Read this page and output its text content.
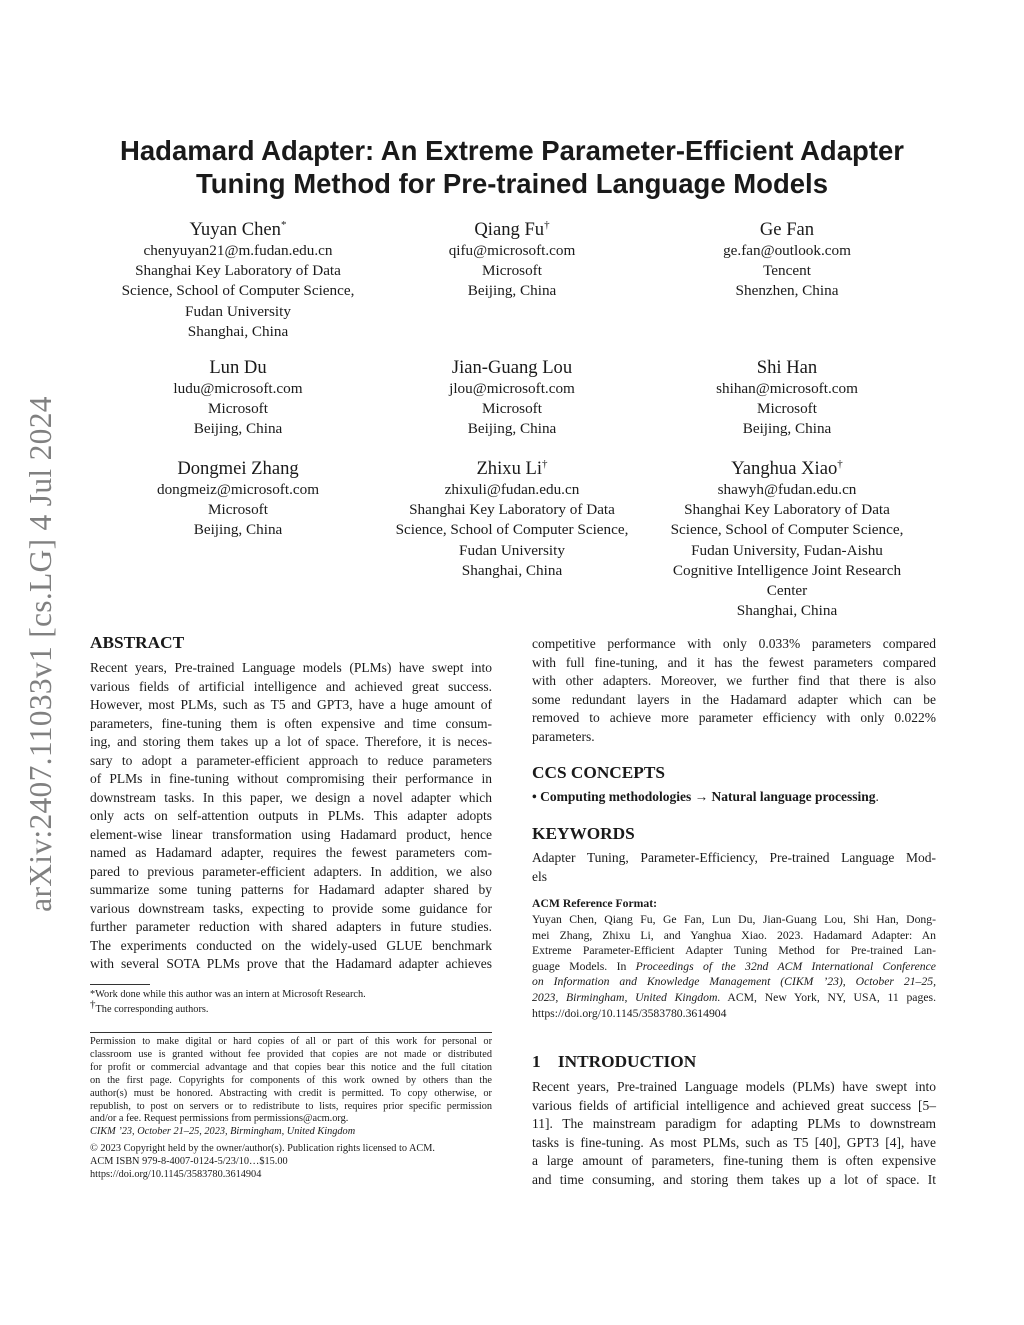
arXiv:2407.11033v1 [cs.LG] 4 Jul 2024
Hadamard Adapter: An Extreme Parameter-Efficient Adapter
Tuning Method for Pre-trained Language Models
Yuyan Chen*
chenyuyan21@m.fudan.edu.cn
Shanghai Key Laboratory of Data
Science, School of Computer Science,
Fudan University
Shanghai, China
Qiang Fu†
qifu@microsoft.com
Microsoft
Beijing, China
Ge Fan
ge.fan@outlook.com
Tencent
Shenzhen, China
Lun Du
ludu@microsoft.com
Microsoft
Beijing, China
Jian-Guang Lou
jlou@microsoft.com
Microsoft
Beijing, China
Shi Han
shihan@microsoft.com
Microsoft
Beijing, China
Dongmei Zhang
dongmeiz@microsoft.com
Microsoft
Beijing, China
Zhixu Li†
zhixuli@fudan.edu.cn
Shanghai Key Laboratory of Data
Science, School of Computer Science,
Fudan University
Shanghai, China
Yanghua Xiao†
shawyh@fudan.edu.cn
Shanghai Key Laboratory of Data
Science, School of Computer Science,
Fudan University, Fudan-Aishu
Cognitive Intelligence Joint Research
Center
Shanghai, China
ABSTRACT
Recent years, Pre-trained Language models (PLMs) have swept into
various fields of artificial intelligence and achieved great success.
However, most PLMs, such as T5 and GPT3, have a huge amount of
parameters, fine-tuning them is often expensive and time consum-
ing, and storing them takes up a lot of space. Therefore, it is neces-
sary to adopt a parameter-efficient approach to reduce parameters
of PLMs in fine-tuning without compromising their performance in
downstream tasks. In this paper, we design a novel adapter which
only acts on self-attention outputs in PLMs. This adapter adopts
element-wise linear transformation using Hadamard product, hence
named as Hadamard adapter, requires the fewest parameters com-
pared to previous parameter-efficient adapters. In addition, we also
summarize some tuning patterns for Hadamard adapter shared by
various downstream tasks, expecting to provide some guidance for
further parameter reduction with shared adapters in future studies.
The experiments conducted on the widely-used GLUE benchmark
with several SOTA PLMs prove that the Hadamard adapter achieves
*Work done while this author was an intern at Microsoft Research.
†The corresponding authors.
Permission to make digital or hard copies of all or part of this work for personal or
classroom use is granted without fee provided that copies are not made or distributed
for profit or commercial advantage and that copies bear this notice and the full citation
on the first page. Copyrights for components of this work owned by others than the
author(s) must be honored. Abstracting with credit is permitted. To copy otherwise, or
republish, to post on servers or to redistribute to lists, requires prior specific permission
and/or a fee. Request permissions from permissions@acm.org.
CIKM ’23, October 21–25, 2023, Birmingham, United Kingdom
© 2023 Copyright held by the owner/author(s). Publication rights licensed to ACM.
ACM ISBN 979-8-4007-0124-5/23/10…$15.00
https://doi.org/10.1145/3583780.3614904
competitive performance with only 0.033% parameters compared
with full fine-tuning, and it has the fewest parameters compared
with other adapters. Moreover, we further find that there is also
some redundant layers in the Hadamard adapter which can be
removed to achieve more parameter efficiency with only 0.022%
parameters.
CCS CONCEPTS
• Computing methodologies → Natural language processing.
KEYWORDS
Adapter Tuning, Parameter-Efficiency, Pre-trained Language Mod-
els
ACM Reference Format:
Yuyan Chen, Qiang Fu, Ge Fan, Lun Du, Jian-Guang Lou, Shi Han, Dong-
mei Zhang, Zhixu Li, and Yanghua Xiao. 2023. Hadamard Adapter: An
Extreme Parameter-Efficient Adapter Tuning Method for Pre-trained Lan-
guage Models. In Proceedings of the 32nd ACM International Conference
on Information and Knowledge Management (CIKM ’23), October 21–25,
2023, Birmingham, United Kingdom. ACM, New York, NY, USA, 11 pages.
https://doi.org/10.1145/3583780.3614904
1 INTRODUCTION
Recent years, Pre-trained Language models (PLMs) have swept into
various fields of artificial intelligence and achieved great success [5–
11]. The mainstream paradigm for adapting PLMs to downstream
tasks is fine-tuning. As most PLMs, such as T5 [40], GPT3 [4], have
a large amount of parameters, fine-tuning them is often expensive
and time consuming, and storing them takes up a lot of space. It
